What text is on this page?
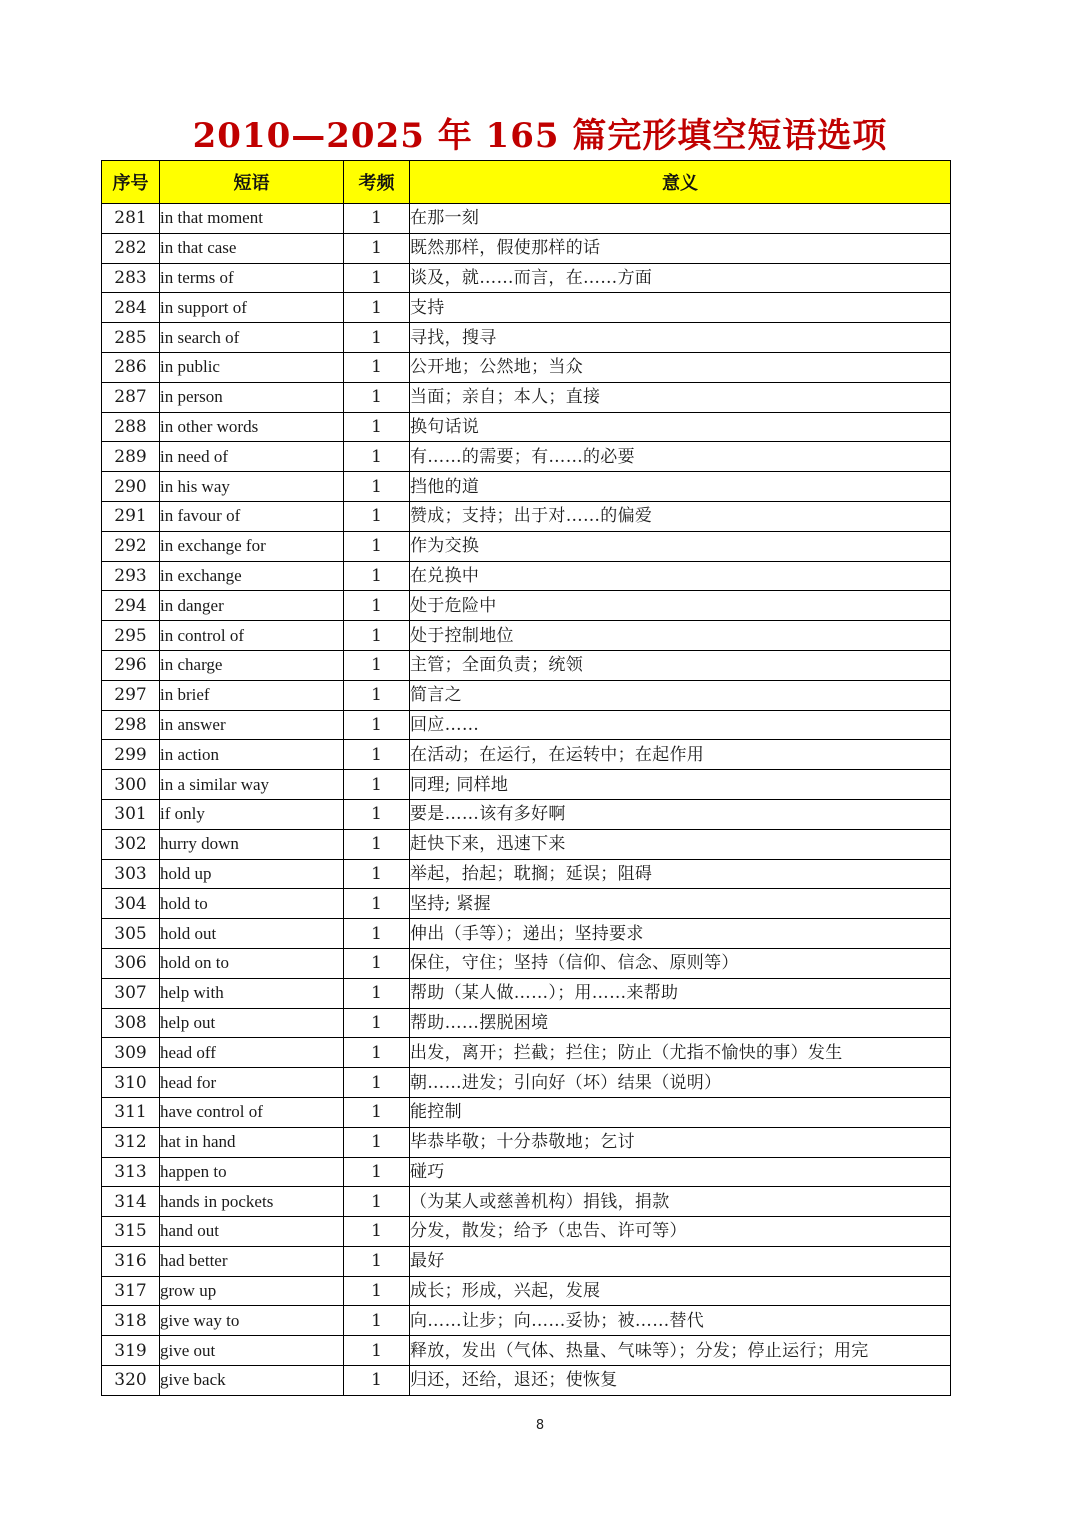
2010—2025 年 165 篇完形填空短语选项
序号	短语	考频	意义
281	in that moment	1	在那一刻
282	in that case	1	既然那样，假使那样的话
283	in terms of	1	谈及，就……而言，在……方面
284	in support of	1	支持
285	in search of	1	寻找，搜寻
286	in public	1	公开地；公然地；当众
287	in person	1	当面；亲自；本人；直接
288	in other words	1	换句话说
289	in need of	1	有……的需要；有……的必要
290	in his way	1	挡他的道
291	in favour of	1	赞成；支持；出于对……的偏爱
292	in exchange for	1	作为交换
293	in exchange	1	在兑换中
294	in danger	1	处于危险中
295	in control of	1	处于控制地位
296	in charge	1	主管；全面负责；统领
297	in brief	1	简言之
298	in answer	1	回应……
299	in action	1	在活动；在运行，在运转中；在起作用
300	in a similar way	1	同理; 同样地
301	if only	1	要是……该有多好啊
302	hurry down	1	赶快下来，迅速下来
303	hold up	1	举起，抬起；耽搁；延误；阻碍
304	hold to	1	坚持; 紧握
305	hold out	1	伸出（手等）；递出；坚持要求
306	hold on to	1	保住，守住；坚持（信仰、信念、原则等）
307	help with	1	帮助（某人做……）；用……来帮助
308	help out	1	帮助……摆脱困境
309	head off	1	出发，离开；拦截；拦住；防止（尤指不愉快的事）发生
310	head for	1	朝……进发；引向好（坏）结果（说明）
311	have control of	1	能控制
312	hat in hand	1	毕恭毕敬；十分恭敬地；乞讨
313	happen to	1	碰巧
314	hands in pockets	1	（为某人或慈善机构）捐钱，捐款
315	hand out	1	分发，散发；给予（忠告、许可等）
316	had better	1	最好
317	grow up	1	成长；形成，兴起，发展
318	give way to	1	向……让步；向……妥协；被……替代
319	give out	1	释放，发出（气体、热量、气味等）；分发；停止运行；用完
320	give back	1	归还，还给，退还；使恢复
8
